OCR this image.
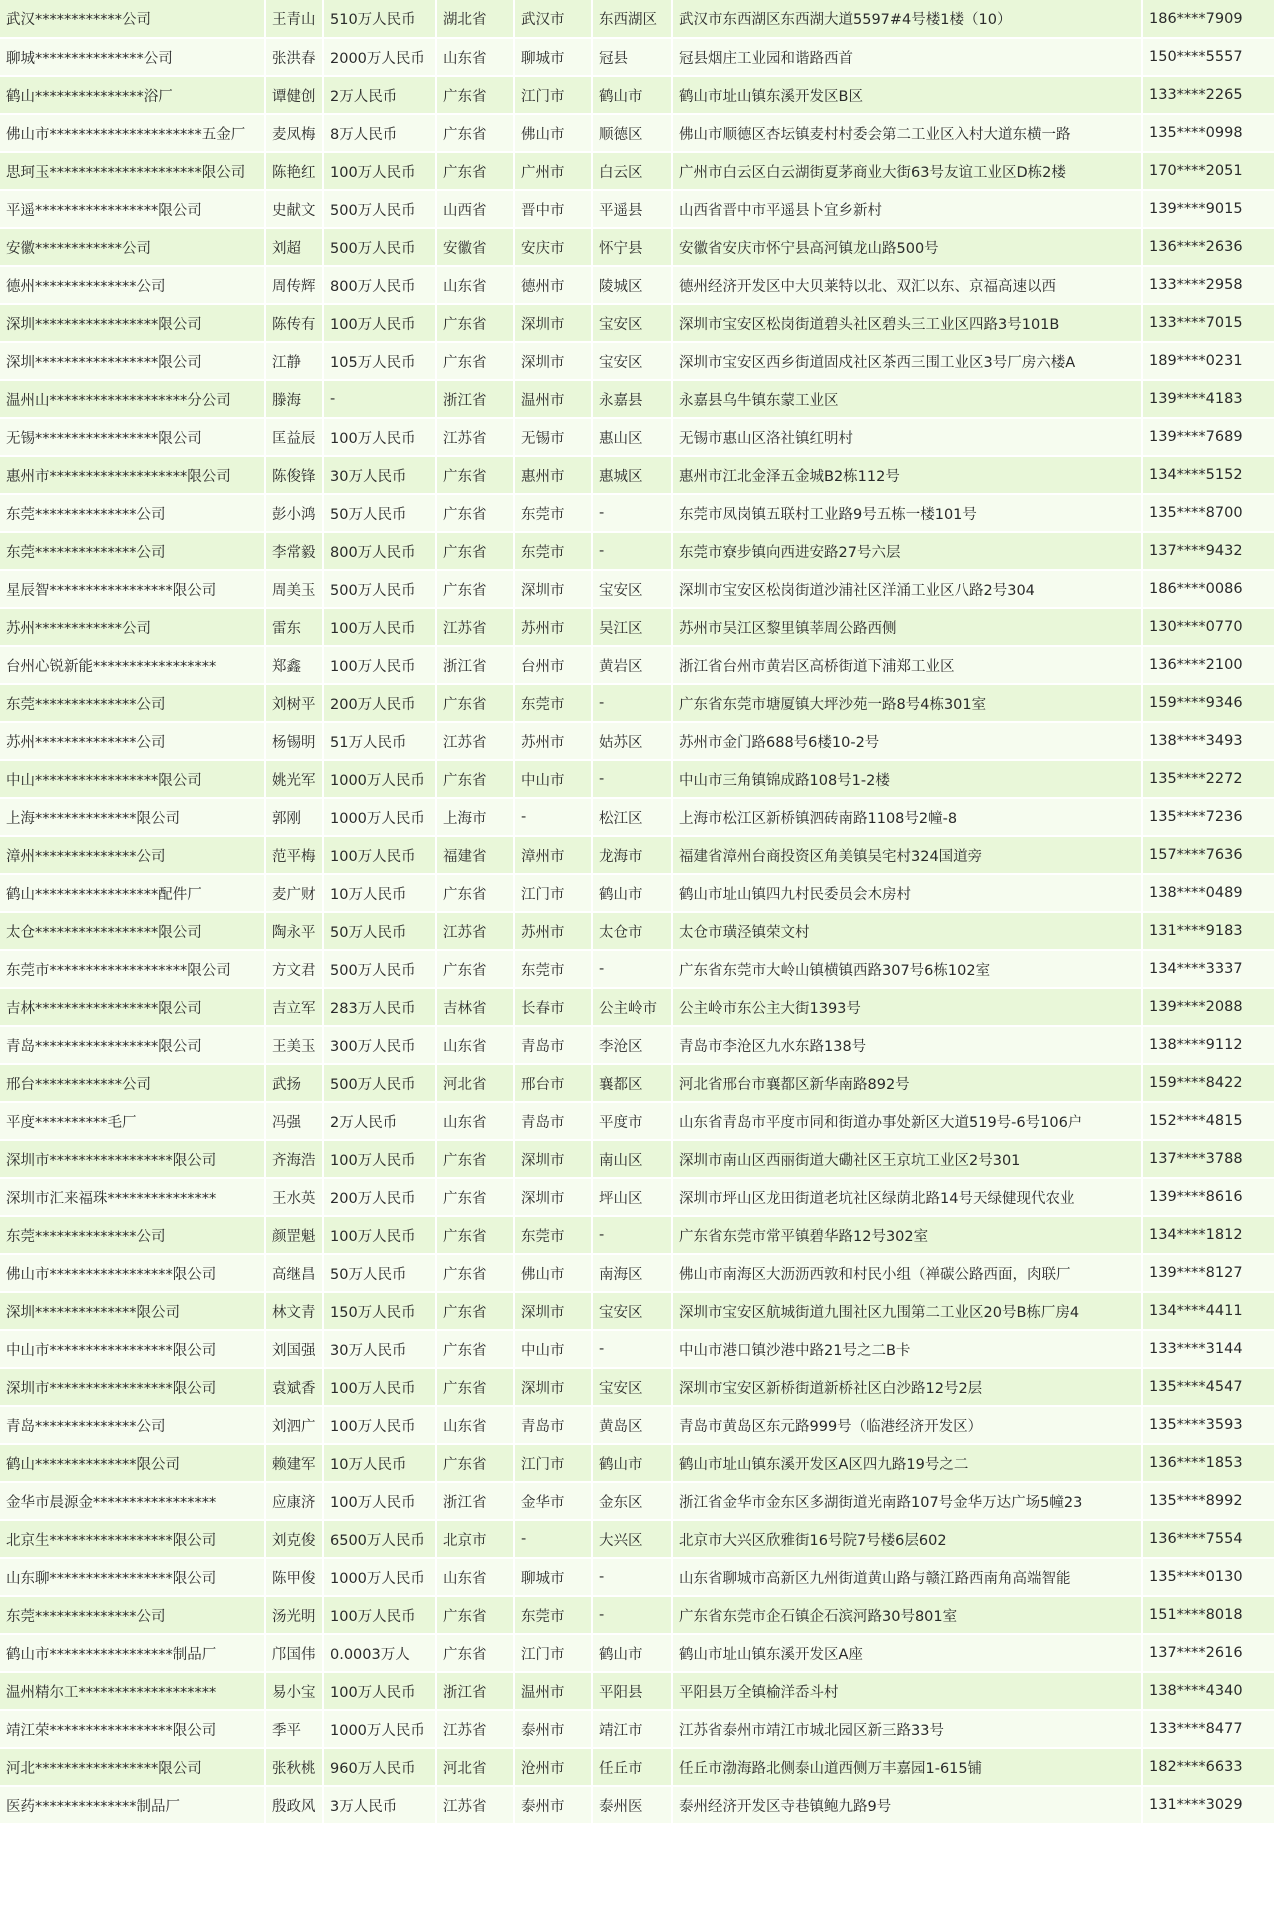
武汉************公司	王青山	510万人民币	湖北省	武汉市	东西湖区	武汉市东西湖区东西湖大道5597#4号楼1楼（10）	186****7909
聊城***************公司	张洪春	2000万人民币	山东省	聊城市	冠县	冠县烟庄工业园和谐路西首	150****5557
鹤山***************浴厂	谭健创	2万人民币	广东省	江门市	鹤山市	鹤山市址山镇东溪开发区B区	133****2265
佛山市*********************五金厂	麦凤梅	8万人民币	广东省	佛山市	顺德区	佛山市顺德区杏坛镇麦村村委会第二工业区入村大道东横一路	135****0998
思珂玉*********************限公司	陈艳红	100万人民币	广东省	广州市	白云区	广州市白云区白云湖街夏茅商业大街63号友谊工业区D栋2楼	170****2051
平遥*****************限公司	史献文	500万人民币	山西省	晋中市	平遥县	山西省晋中市平遥县卜宜乡新村	139****9015
安徽************公司	刘超	500万人民币	安徽省	安庆市	怀宁县	安徽省安庆市怀宁县高河镇龙山路500号	136****2636
德州**************公司	周传辉	800万人民币	山东省	德州市	陵城区	德州经济开发区中大贝莱特以北、双汇以东、京福高速以西	133****2958
深圳*****************限公司	陈传有	100万人民币	广东省	深圳市	宝安区	深圳市宝安区松岗街道碧头社区碧头三工业区四路3号101B	133****7015
深圳*****************限公司	江静	105万人民币	广东省	深圳市	宝安区	深圳市宝安区西乡街道固戍社区茶西三围工业区3号厂房六楼A	189****0231
温州山*******************分公司	滕海	-	浙江省	温州市	永嘉县	永嘉县乌牛镇东蒙工业区	139****4183
无锡*****************限公司	匡益辰	100万人民币	江苏省	无锡市	惠山区	无锡市惠山区洛社镇红明村	139****7689
惠州市*******************限公司	陈俊锋	30万人民币	广东省	惠州市	惠城区	惠州市江北金泽五金城B2栋112号	134****5152
东莞**************公司	彭小鸿	50万人民币	广东省	东莞市	-	东莞市凤岗镇五联村工业路9号五栋一楼101号	135****8700
东莞**************公司	李常毅	800万人民币	广东省	东莞市	-	东莞市寮步镇向西进安路27号六层	137****9432
星辰智*****************限公司	周美玉	500万人民币	广东省	深圳市	宝安区	深圳市宝安区松岗街道沙浦社区洋涌工业区八路2号304	186****0086
苏州************公司	雷东	100万人民币	江苏省	苏州市	吴江区	苏州市吴江区黎里镇莘周公路西侧	130****0770
台州心锐新能*****************	郑鑫	100万人民币	浙江省	台州市	黄岩区	浙江省台州市黄岩区高桥街道下浦郑工业区	136****2100
东莞**************公司	刘树平	200万人民币	广东省	东莞市	-	广东省东莞市塘厦镇大坪沙苑一路8号4栋301室	159****9346
苏州**************公司	杨锡明	51万人民币	江苏省	苏州市	姑苏区	苏州市金门路688号6楼10-2号	138****3493
中山*****************限公司	姚光军	1000万人民币	广东省	中山市	-	中山市三角镇锦成路108号1-2楼	135****2272
上海**************限公司	郭刚	1000万人民币	上海市	-	松江区	上海市松江区新桥镇泗砖南路1108号2幢-8	135****7236
漳州**************公司	范平梅	100万人民币	福建省	漳州市	龙海市	福建省漳州台商投资区角美镇吴宅村324国道旁	157****7636
鹤山*****************配件厂	麦广财	10万人民币	广东省	江门市	鹤山市	鹤山市址山镇四九村民委员会木房村	138****0489
太仓*****************限公司	陶永平	50万人民币	江苏省	苏州市	太仓市	太仓市璜泾镇荣文村	131****9183
东莞市*******************限公司	方文君	500万人民币	广东省	东莞市	-	广东省东莞市大岭山镇横镇西路307号6栋102室	134****3337
吉林*****************限公司	吉立军	283万人民币	吉林省	长春市	公主岭市	公主岭市东公主大街1393号	139****2088
青岛*****************限公司	王美玉	300万人民币	山东省	青岛市	李沧区	青岛市李沧区九水东路138号	138****9112
邢台************公司	武扬	500万人民币	河北省	邢台市	襄都区	河北省邢台市襄都区新华南路892号	159****8422
平度**********毛厂	冯强	2万人民币	山东省	青岛市	平度市	山东省青岛市平度市同和街道办事处新区大道519号-6号106户	152****4815
深圳市*****************限公司	齐海浩	100万人民币	广东省	深圳市	南山区	深圳市南山区西丽街道大磡社区王京坑工业区2号301	137****3788
深圳市汇来福珠***************	王水英	200万人民币	广东省	深圳市	坪山区	深圳市坪山区龙田街道老坑社区绿荫北路14号天绿健现代农业	139****8616
东莞**************公司	颜罡魁	100万人民币	广东省	东莞市	-	广东省东莞市常平镇碧华路12号302室	134****1812
佛山市*****************限公司	高继昌	50万人民币	广东省	佛山市	南海区	佛山市南海区大沥沥西敦和村民小组（禅碳公路西面，肉联厂	139****8127
深圳**************限公司	林文青	150万人民币	广东省	深圳市	宝安区	深圳市宝安区航城街道九围社区九围第二工业区20号B栋厂房4	134****4411
中山市*****************限公司	刘国强	30万人民币	广东省	中山市	-	中山市港口镇沙港中路21号之二B卡	133****3144
深圳市*****************限公司	袁斌香	100万人民币	广东省	深圳市	宝安区	深圳市宝安区新桥街道新桥社区白沙路12号2层	135****4547
青岛**************公司	刘泗广	100万人民币	山东省	青岛市	黄岛区	青岛市黄岛区东元路999号（临港经济开发区）	135****3593
鹤山**************限公司	赖建军	10万人民币	广东省	江门市	鹤山市	鹤山市址山镇东溪开发区A区四九路19号之二	136****1853
金华市晨源金*****************	应康济	100万人民币	浙江省	金华市	金东区	浙江省金华市金东区多湖街道光南路107号金华万达广场5幢23	135****8992
北京生*****************限公司	刘克俊	6500万人民币	北京市	-	大兴区	北京市大兴区欣雅街16号院7号楼6层602	136****7554
山东聊*****************限公司	陈甲俊	1000万人民币	山东省	聊城市	-	山东省聊城市高新区九州街道黄山路与赣江路西南角高端智能	135****0130
东莞**************公司	汤光明	100万人民币	广东省	东莞市	-	广东省东莞市企石镇企石滨河路30号801室	151****8018
鹤山市*****************制品厂	邝国伟	0.0003万人	广东省	江门市	鹤山市	鹤山市址山镇东溪开发区A座	137****2616
温州精尔工*******************	易小宝	100万人民币	浙江省	温州市	平阳县	平阳县万全镇榆洋岙斗村	138****4340
靖江荣*****************限公司	季平	1000万人民币	江苏省	泰州市	靖江市	江苏省泰州市靖江市城北园区新三路33号	133****8477
河北*****************限公司	张秋桃	960万人民币	河北省	沧州市	任丘市	任丘市渤海路北侧泰山道西侧万丰嘉园1-615铺	182****6633
医药**************制品厂	殷政风	3万人民币	江苏省	泰州市	泰州医	泰州经济开发区寺巷镇鲍九路9号	131****3029
